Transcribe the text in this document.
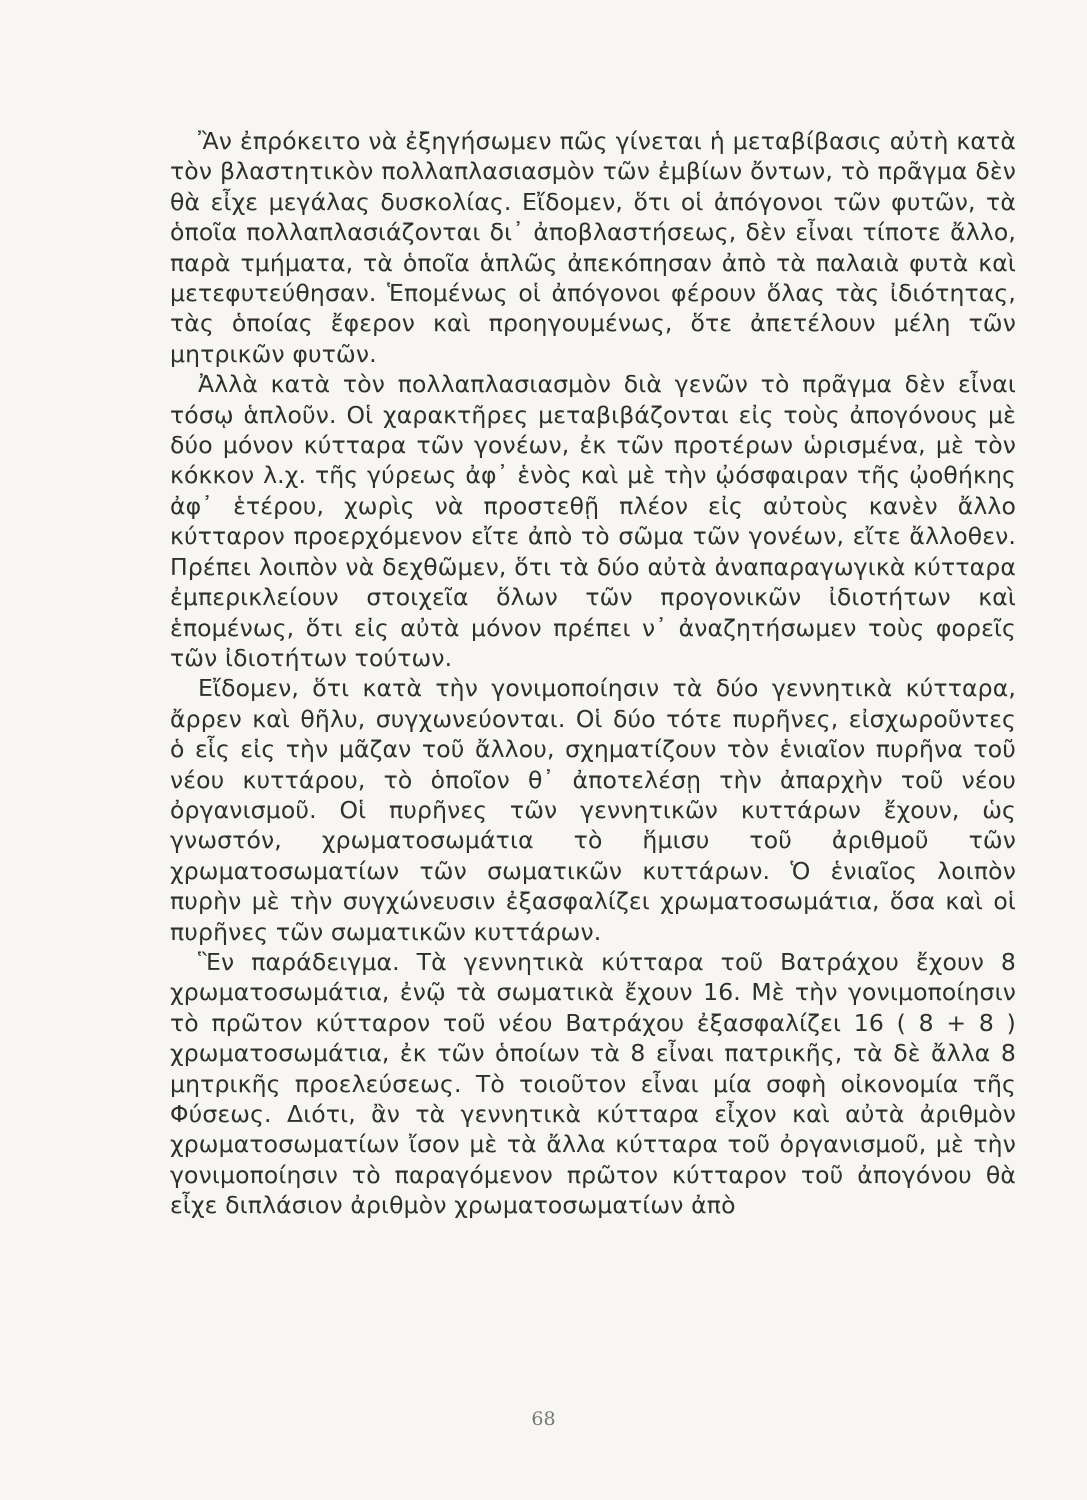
Ἂν ἐπρόκειτο νὰ ἐξηγήσωμεν πῶς γίνεται ἡ μεταβίβασις αὐτὴ κατὰ τὸν βλαστητικὸν πολλαπλασιασμὸν τῶν ἐμβίων ὄντων, τὸ πρᾶγμα δὲν θὰ εἶχε μεγάλας δυσκολίας. Εἴδομεν, ὅτι οἱ ἀπόγονοι τῶν φυτῶν, τὰ ὁποῖα πολλαπλασιάζονται δι᾽ ἀποβλαστήσεως, δὲν εἶναι τίποτε ἄλλο, παρὰ τμήματα, τὰ ὁποῖα ἁπλῶς ἀπεκόπησαν ἀπὸ τὰ παλαιὰ φυτὰ καὶ μετεφυτεύθησαν. Ἑπομένως οἱ ἀπόγονοι φέρουν ὅλας τὰς ἰδιότητας, τὰς ὁποίας ἔφερον καὶ προηγουμένως, ὅτε ἀπετέλουν μέλη τῶν μητρικῶν φυτῶν.

Ἀλλὰ κατὰ τὸν πολλαπλασιασμὸν διὰ γενῶν τὸ πρᾶγμα δὲν εἶναι τόσῳ ἁπλοῦν. Οἱ χαρακτῆρες μεταβιβάζονται εἰς τοὺς ἀπογόνους μὲ δύο μόνον κύτταρα τῶν γονέων, ἐκ τῶν προτέρων ὡρισμένα, μὲ τὸν κόκκον λ.χ. τῆς γύρεως ἀφ᾽ ἑνὸς καὶ μὲ τὴν ᾠόσφαιραν τῆς ᾠοθήκης ἀφ᾽ ἑτέρου, χωρὶς νὰ προστεθῇ πλέον εἰς αὐτοὺς κανὲν ἄλλο κύτταρον προερχόμενον εἴτε ἀπὸ τὸ σῶμα τῶν γονέων, εἴτε ἄλλοθεν. Πρέπει λοιπὸν νὰ δεχθῶμεν, ὅτι τὰ δύο αὐτὰ ἀναπαραγωγικὰ κύτταρα ἐμπερικλείουν στοιχεῖα ὅλων τῶν προγονικῶν ἰδιοτήτων καὶ ἑπομένως, ὅτι εἰς αὐτὰ μόνον πρέπει ν᾽ ἀναζητήσωμεν τοὺς φορεῖς τῶν ἰδιοτήτων τούτων.

Εἴδομεν, ὅτι κατὰ τὴν γονιμοποίησιν τὰ δύο γεννητικὰ κύτταρα, ἄρρεν καὶ θῆλυ, συγχωνεύονται. Οἱ δύο τότε πυρῆνες, εἰσχωροῦντες ὁ εἷς εἰς τὴν μᾶζαν τοῦ ἄλλου, σχηματίζουν τὸν ἑνιαῖον πυρῆνα τοῦ νέου κυττάρου, τὸ ὁποῖον θ᾽ ἀποτελέσῃ τὴν ἀπαρχὴν τοῦ νέου ὀργανισμοῦ. Οἱ πυρῆνες τῶν γεννητικῶν κυττάρων ἔχουν, ὡς γνωστόν, χρωματοσωμάτια τὸ ἥμισυ τοῦ ἀριθμοῦ τῶν χρωματοσωματίων τῶν σωματικῶν κυττάρων. Ὁ ἑνιαῖος λοιπὸν πυρὴν μὲ τὴν συγχώνευσιν ἐξασφαλίζει χρωματοσωμάτια, ὅσα καὶ οἱ πυρῆνες τῶν σωματικῶν κυττάρων.

Ἓν παράδειγμα. Τὰ γεννητικὰ κύτταρα τοῦ Βατράχου ἔχουν 8 χρωματοσωμάτια, ἐνῷ τὰ σωματικὰ ἔχουν 16. Μὲ τὴν γονιμοποίησιν τὸ πρῶτον κύτταρον τοῦ νέου Βατράχου ἐξασφαλίζει 16 ( 8 + 8 ) χρωματοσωμάτια, ἐκ τῶν ὁποίων τὰ 8 εἶναι πατρικῆς, τὰ δὲ ἄλλα 8 μητρικῆς προελεύσεως. Τὸ τοιοῦτον εἶναι μία σοφὴ οἰκονομία τῆς Φύσεως. Διότι, ἂν τὰ γεννητικὰ κύτταρα εἶχον καὶ αὐτὰ ἀριθμὸν χρωματοσωματίων ἴσον μὲ τὰ ἄλλα κύτταρα τοῦ ὀργανισμοῦ, μὲ τὴν γονιμοποίησιν τὸ παραγόμενον πρῶτον κύτταρον τοῦ ἀπογόνου θὰ εἶχε διπλάσιον ἀριθμὸν χρωματοσωματίων ἀπὸ

68
